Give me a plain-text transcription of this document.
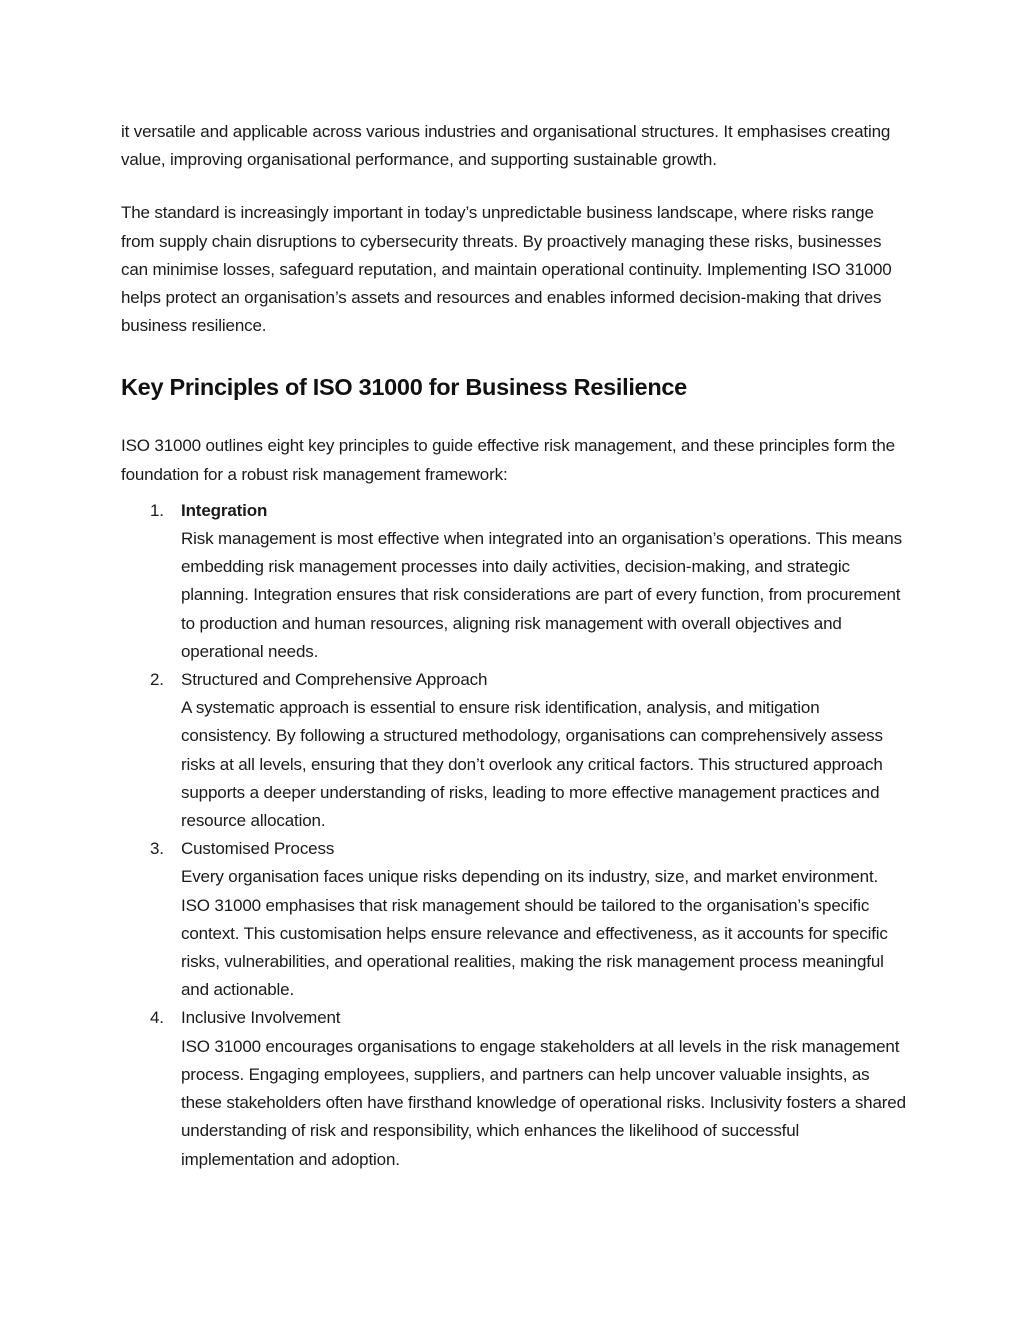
it versatile and applicable across various industries and organisational structures. It emphasises creating value, improving organisational performance, and supporting sustainable growth.

The standard is increasingly important in today’s unpredictable business landscape, where risks range from supply chain disruptions to cybersecurity threats. By proactively managing these risks, businesses can minimise losses, safeguard reputation, and maintain operational continuity. Implementing ISO 31000 helps protect an organisation’s assets and resources and enables informed decision-making that drives business resilience.

Key Principles of ISO 31000 for Business Resilience

ISO 31000 outlines eight key principles to guide effective risk management, and these principles form the foundation for a robust risk management framework:

1. Integration
Risk management is most effective when integrated into an organisation’s operations. This means embedding risk management processes into daily activities, decision-making, and strategic planning. Integration ensures that risk considerations are part of every function, from procurement to production and human resources, aligning risk management with overall objectives and operational needs.
2. Structured and Comprehensive Approach
A systematic approach is essential to ensure risk identification, analysis, and mitigation consistency. By following a structured methodology, organisations can comprehensively assess risks at all levels, ensuring that they don’t overlook any critical factors. This structured approach supports a deeper understanding of risks, leading to more effective management practices and resource allocation.
3. Customised Process
Every organisation faces unique risks depending on its industry, size, and market environment. ISO 31000 emphasises that risk management should be tailored to the organisation’s specific context. This customisation helps ensure relevance and effectiveness, as it accounts for specific risks, vulnerabilities, and operational realities, making the risk management process meaningful and actionable.
4. Inclusive Involvement
ISO 31000 encourages organisations to engage stakeholders at all levels in the risk management process. Engaging employees, suppliers, and partners can help uncover valuable insights, as these stakeholders often have firsthand knowledge of operational risks. Inclusivity fosters a shared understanding of risk and responsibility, which enhances the likelihood of successful implementation and adoption.
